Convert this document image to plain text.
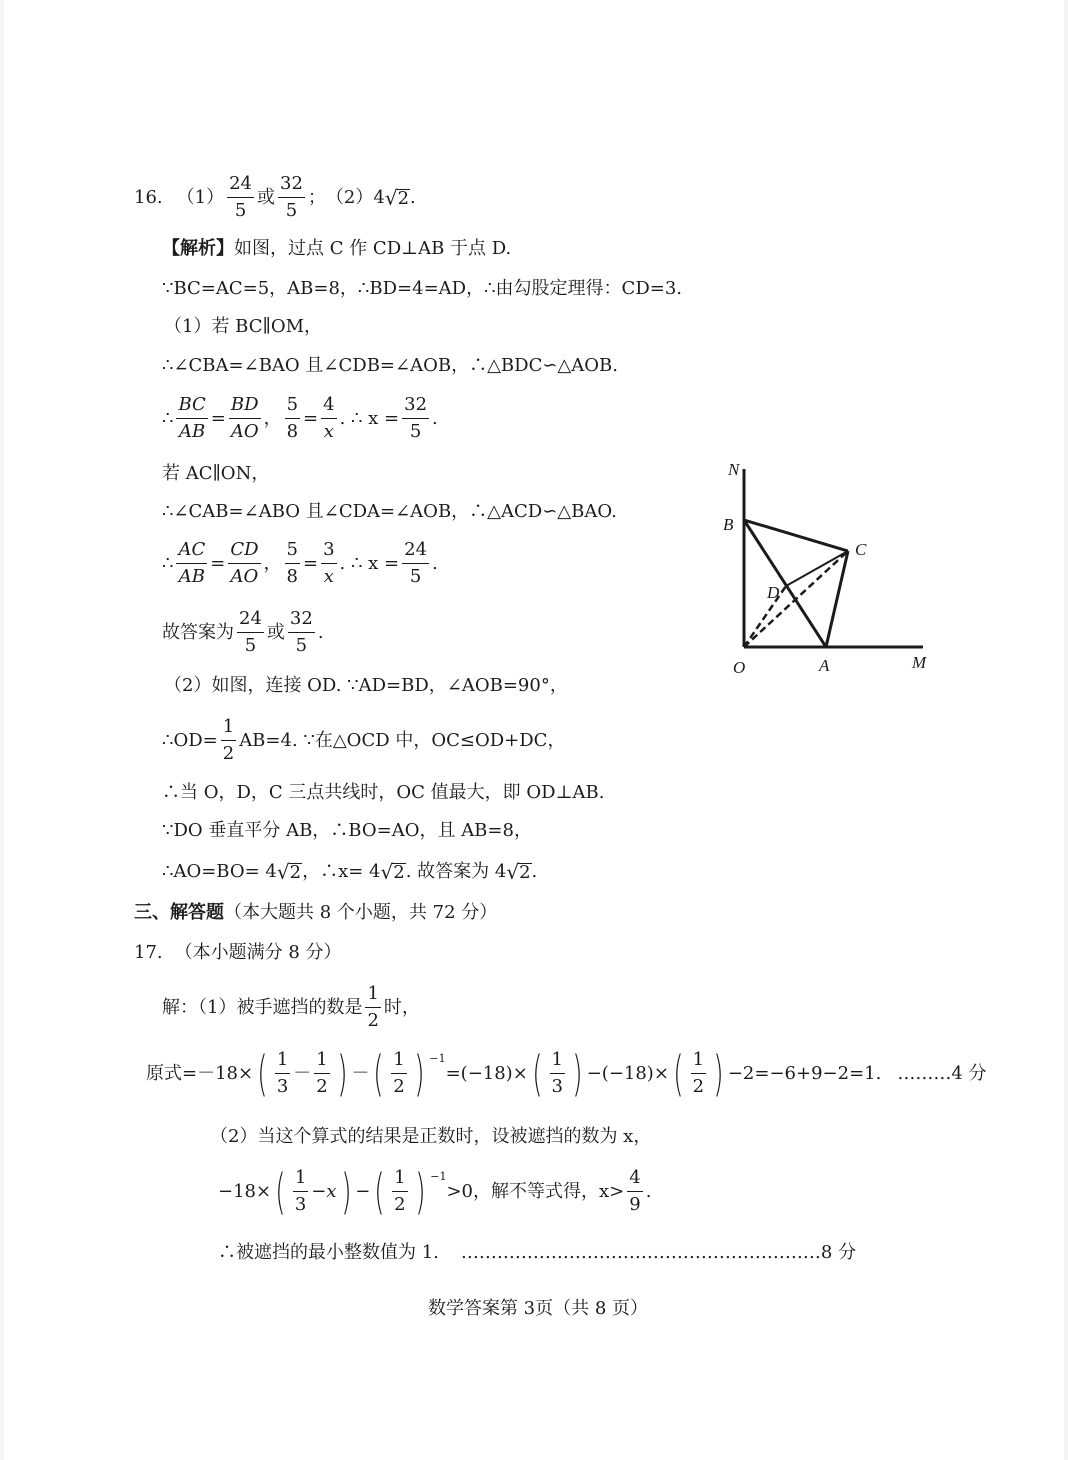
16. $(1) \frac{24}{5}$ 或 $\frac{32}{5}$ ； （2） 4 √ 2 .
【解析】 如图，过点 C 作 CD⊥AB 于点 D.
∵BC=AC=5，AB=8，∴BD=4=AD，∴由勾股定理得：CD=3.
（1）若 BC∥OM，
∴∠CBA=∠BAO 且∠CDB=∠AOB，∴△BDC∽△AOB.
∴ $\frac{BC}{AB} = \frac{BD}{AO}$ ， $\frac{5}{8} = \frac{4}{x}$ . ∴ $x = \frac{32}{5}$ .
若 AC∥ON，
∴∠CAB=∠ABO 且∠CDA=∠AOB，∴△ACD∽△BAO.
∴ $\frac{AC}{AB} = \frac{CD}{AO}$ ， $\frac{5}{8} = \frac{3}{x}$ . ∴ $x = \frac{24}{5}$ .
故答案为 $\frac{24}{5}$ 或 $\frac{32}{5}$ .
（2）如图，连接 OD. ∵AD=BD，∠AOB=90°，
∴OD= $\frac{1}{2} AB=4$. ∵在△OCD 中，OC≤OD+DC，
∴当 O，D，C 三点共线时，OC 值最大，即 OD⊥AB.
∵DO 垂直平分 AB，∴BO=AO，且 AB=8，
∴AO=BO= 4 √ 2 ，∴x= 4 √ 2 . 故答案为 4 √ 2 .
三、解答题 （本大题共 8 个小题，共 72 分）
17. （本小题满分 8 分）
解：（1）被手遮挡的数是 $\frac{1}{2}$ 时，
原式=－18× ( $\frac{1}{3} - \frac{1}{2}$ ) － ( $\frac{1}{2}$ ) $^{-1}$
=(−18)× ( $\frac{1}{3}$ ) −(−18)× ( $\frac{1}{2}$ ) −2=−6+9−2=1. ………4 分
（2）当这个算式的结果是正数时，设被遮挡的数为 x，
−18× ( $\frac{1}{3} -x$ ) − ( $\frac{1}{2}$ ) $^{-1}$
>0，解不等式得，$x> \frac{4}{9}$ .
∴被遮挡的最小整数值为 1. ……………………………………………………8 分
N
B
C
D
O	A	M
数学答案第 3页（共 8 页）
